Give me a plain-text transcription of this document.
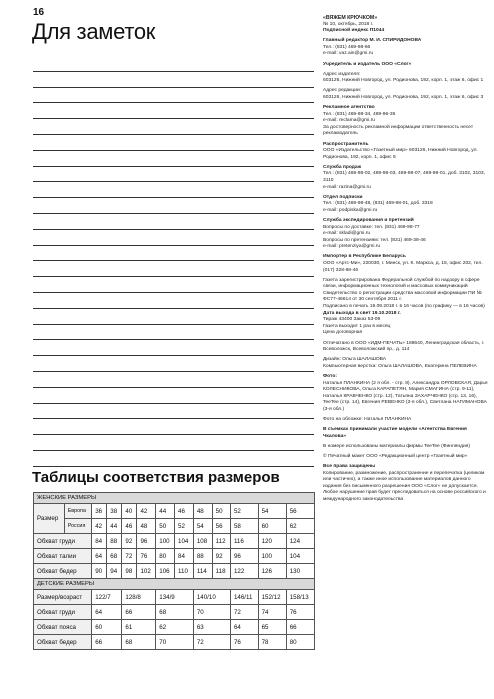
16
Для заметок
Таблицы соответствия размеров
ЖЕНСКИЕ РАЗМЕРЫ												
Размер	Европа	36	38	40	42	44	46	48	50	52	54	56
	Россия	42	44	46	48	50	52	54	56	58	60	62
Обхват груди		84	88	92	96	100	104	108	112	116	120	124
Обхват талии		64	68	72	76	80	84	88	92	96	100	104
Обхват бедер		90	94	98	102	106	110	114	118	122	126	130
ДЕТСКИЕ РАЗМЕРЫ												
Размер/возраст		122/7		128/8		134/9		140/10		146/11	152/12	158/13
Обхват груди		64		66		68		70		72	74	76
Обхват пояса		60		61		62		63		64	65	66
Обхват бедер		66		68		70		72		76	78	80

«ВЯЖЕМ КРЮЧКОМ»

№ 10, октябрь, 2018 г.

Подписной индекс П1044

Главный редактор М. И. СПИРИДОНОВА

Тел.: (831) 469-98-66

e-mail: vaz.ain@gmi.ru

Учредитель и издатель ООО «Слог»

Адрес издателя:

603126, Нижний Новгород, ул. Родионова, 192, корп. 1, этаж 6, офис 1

Адрес редакции:

603126, Нижний Новгород, ул. Родионова, 192, корп. 1, этаж 6, офис 3

Рекламное агентство

Тел.: (831) 469-98-34, 469-96-36

e-mail: reclama@gmi.ru

За достоверность рекламной информации ответственность несет рекламодатель

Распространитель

ООО «Издательство «Газетный мир» 603126, Нижний Новгород, ул. Родионова, 192, корп. 1, офис 5

Служба продаж

Тел.: (831) 469-98-02, 469-98-03, 469-98-07, 469-98-01, доб. 3102, 3103, 3110

e-mail: razina@gmi.ru

Отдел подписки

Тел.: (831) 469-98-48, (831) 469-98-01, доб. 3318

e-mail: podpiska@gmi.ru

Служба экспедирования и претензий

Вопросы по доставке: тел. (831) 469-98-77

e-mail: skladi@gmi.ru

Вопросы по претензиям: тел. (831) 469-38-46

e-mail: pretenziya@gmi.ru

Импортер в Республике Беларусь

ООО «Артс-Ми», 220030, г. Минск, ул. К. Маркса, д. 15, офис 202, тел. (017) 328-68-46

Газета зарегистрирована Федеральной службой по надзору в сфере связи, информационных технологий и массовых коммуникаций

Свидетельство о регистрации средства массовой информации ПИ № ФС77-46614 от 30 сентября 2011 г.

Подписано в печать 19.09.2018 г. в 16 часов (по графику — в 16 часов)

Дата выхода в свет 19.10.2018 г.

Тираж 43400 Заказ 53-09

Газета выходит 1 раз в месяц

Цена договорная

Отпечатано в ООО «ИДМ-ПЕЧАТЬ» 188640, Ленинградская область, г. Всеволожск, Всеволожский пр., д. 114

Дизайн: Ольга ШАЛАШОВА

Компьютерная верстка: Ольга ШАЛАШОВА, Екатерина ПЕЛЕВИНА

Фото:

Наталья ПЛАНКИНА (2 я обл. - стр. 8), Александра ОРЛОВСКАЯ, Дарья КОЛЕСНИКОВА, Ольга КАРАПЕТЯН, Мария СМАГИНА (стр. 9-11), Наталья КРАВЧЕНКО (стр. 12), Татьяна ЗАХАРЧЕНКО (стр. 13, 16), TeeTee (стр. 14), Евгения РЕВЕНКО (3-я обл.), Светлана НАГИМАНОВА (3-я обл.)

Фото на обложке: Наталья ПЛАНКИНА

В съемках принимали участие модели «Агентства Евгения Чкалова»

В номере использованы материалы фирмы TeeTee (Финляндия)

© Печатный макет ООО «Редакционный центр «Газетный мир»

Все права защищены

Копирование, размножение, распространение и перепечатка (целиком или частично), а также иное использование материалов данного издания без письменного разрешения ООО «Слог» не допускается. Любое нарушение прав будет преследоваться на основе российского и международного законодательства
